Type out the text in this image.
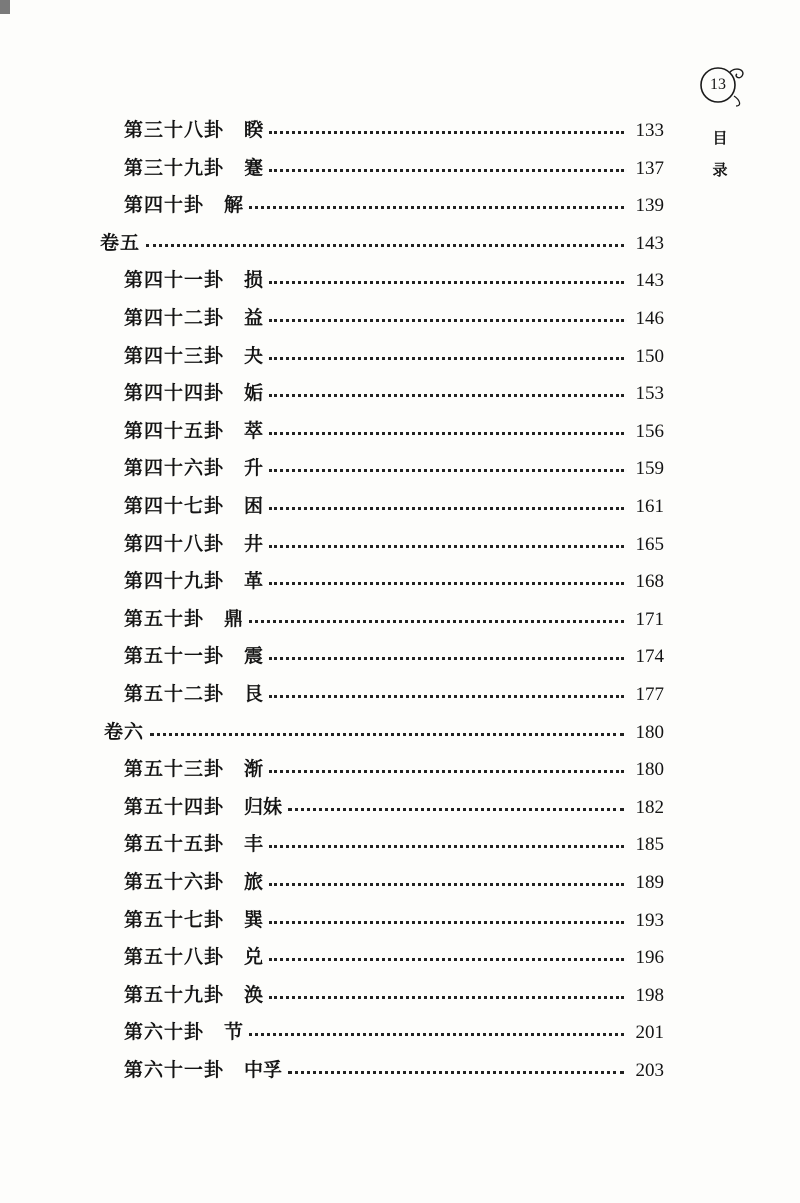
13
目
录
第三十八卦 睽	133
第三十九卦 蹇	137
第四十卦 解	139
卷五	143
第四十一卦 损	143
第四十二卦 益	146
第四十三卦 夬	150
第四十四卦 姤	153
第四十五卦 萃	156
第四十六卦 升	159
第四十七卦 困	161
第四十八卦 井	165
第四十九卦 革	168
第五十卦 鼎	171
第五十一卦 震	174
第五十二卦 艮	177
卷六	180
第五十三卦 渐	180
第五十四卦 归妹	182
第五十五卦 丰	185
第五十六卦 旅	189
第五十七卦 巽	193
第五十八卦 兑	196
第五十九卦 涣	198
第六十卦 节	201
第六十一卦 中孚	203
